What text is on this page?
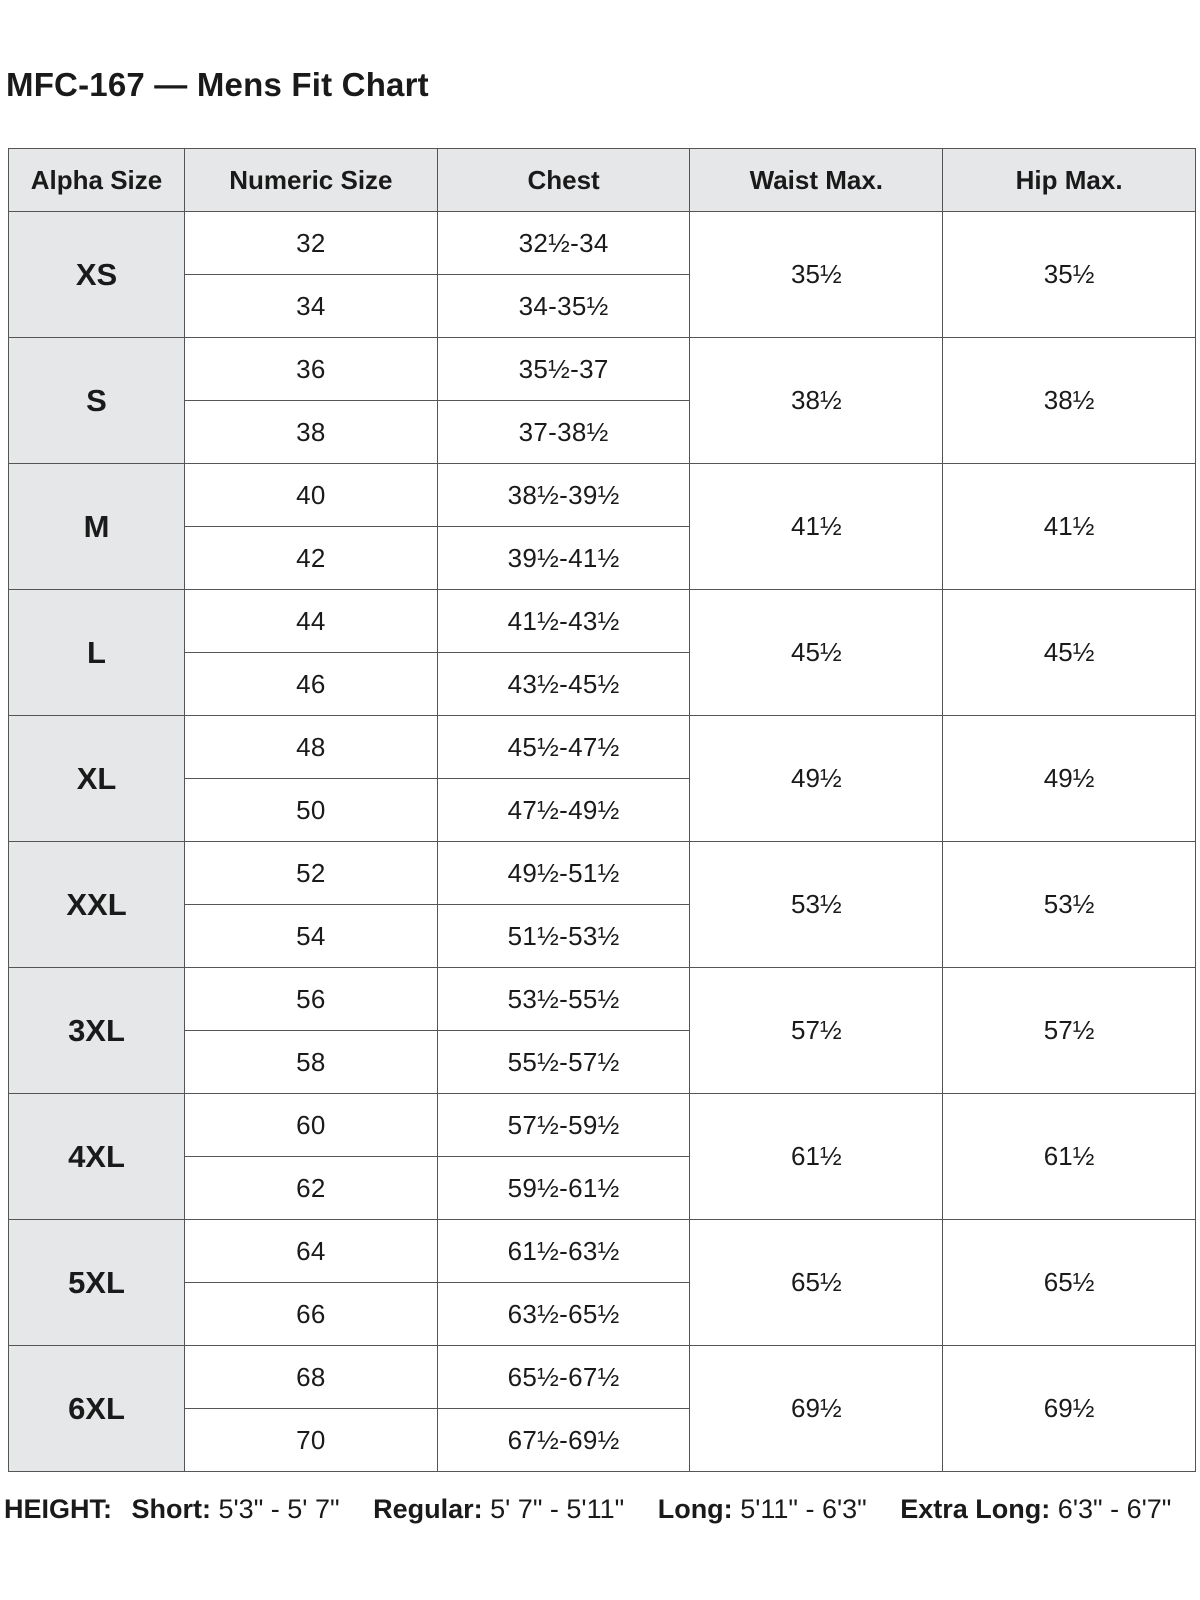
MFC-167 — Mens Fit Chart
Alpha Size	Numeric Size	Chest	Waist Max.	Hip Max.
XS	32	32½-34	35½	35½
	34	34-35½		
S	36	35½-37	38½	38½
	38	37-38½		
M	40	38½-39½	41½	41½
	42	39½-41½		
L	44	41½-43½	45½	45½
	46	43½-45½		
XL	48	45½-47½	49½	49½
	50	47½-49½		
XXL	52	49½-51½	53½	53½
	54	51½-53½		
3XL	56	53½-55½	57½	57½
	58	55½-57½		
4XL	60	57½-59½	61½	61½
	62	59½-61½		
5XL	64	61½-63½	65½	65½
	66	63½-65½		
6XL	68	65½-67½	69½	69½
	70	67½-69½		
HEIGHT: Short: 5'3" - 5' 7" Regular: 5' 7" - 5'11" Long: 5'11" - 6'3" Extra Long: 6'3" - 6'7"
